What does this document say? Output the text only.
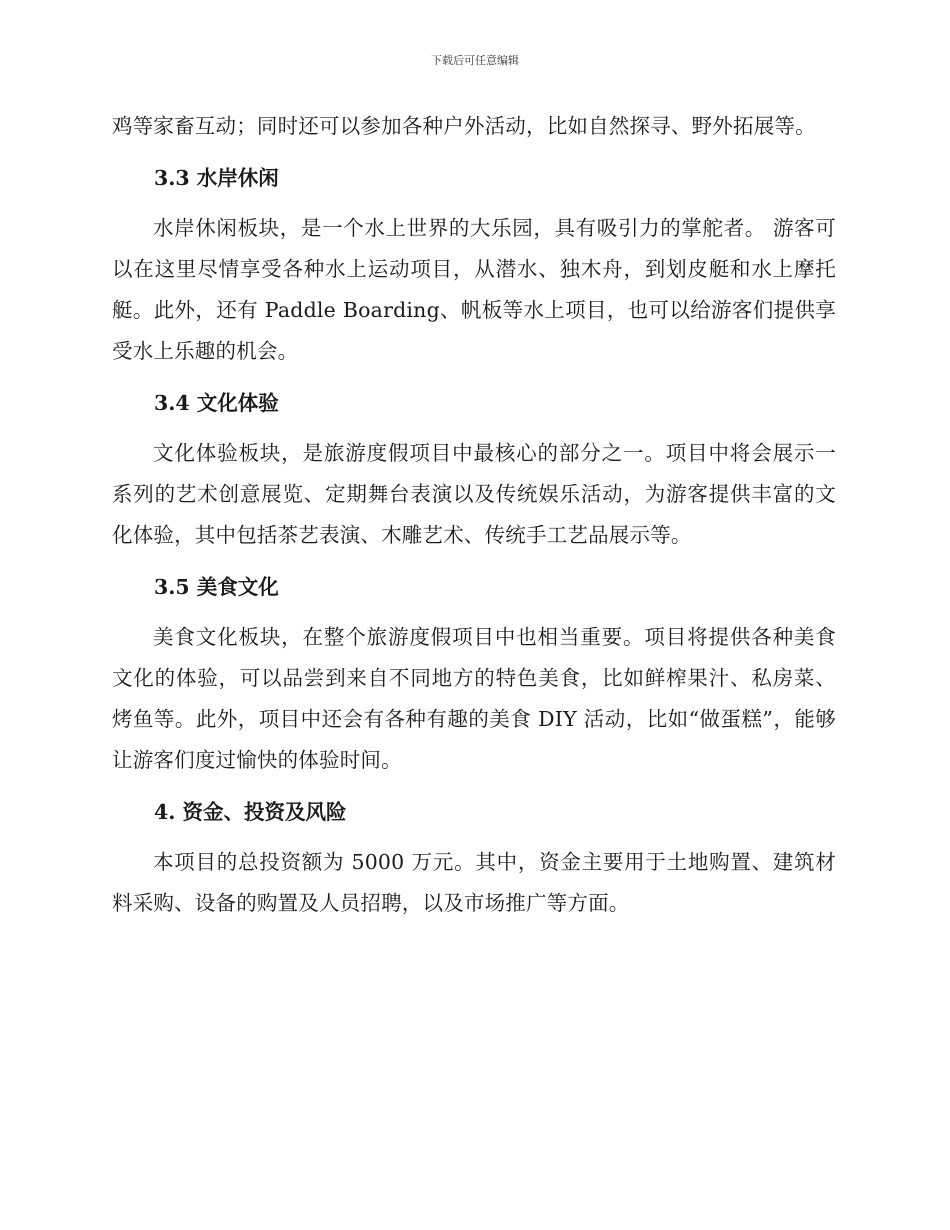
下载后可任意编辑

鸡等家畜互动；同时还可以参加各种户外活动，比如自然探寻、野外拓展等。

3.3 水岸休闲

水岸休闲板块，是一个水上世界的大乐园，具有吸引力的掌舵者。 游客可以在这里尽情享受各种水上运动项目，从潜水、独木舟，到划皮艇和水上摩托艇。此外，还有 Paddle Boarding、帆板等水上项目，也可以给游客们提供享受水上乐趣的机会。

3.4 文化体验

文化体验板块，是旅游度假项目中最核心的部分之一。项目中将会展示一系列的艺术创意展览、定期舞台表演以及传统娱乐活动，为游客提供丰富的文化体验，其中包括茶艺表演、木雕艺术、传统手工艺品展示等。

3.5 美食文化

美食文化板块，在整个旅游度假项目中也相当重要。项目将提供各种美食文化的体验，可以品尝到来自不同地方的特色美食，比如鲜榨果汁、私房菜、烤鱼等。此外，项目中还会有各种有趣的美食 DIY 活动，比如“做蛋糕”，能够让游客们度过愉快的体验时间。

4. 资金、投资及风险

本项目的总投资额为 5000 万元。其中，资金主要用于土地购置、建筑材料采购、设备的购置及人员招聘，以及市场推广等方面。
